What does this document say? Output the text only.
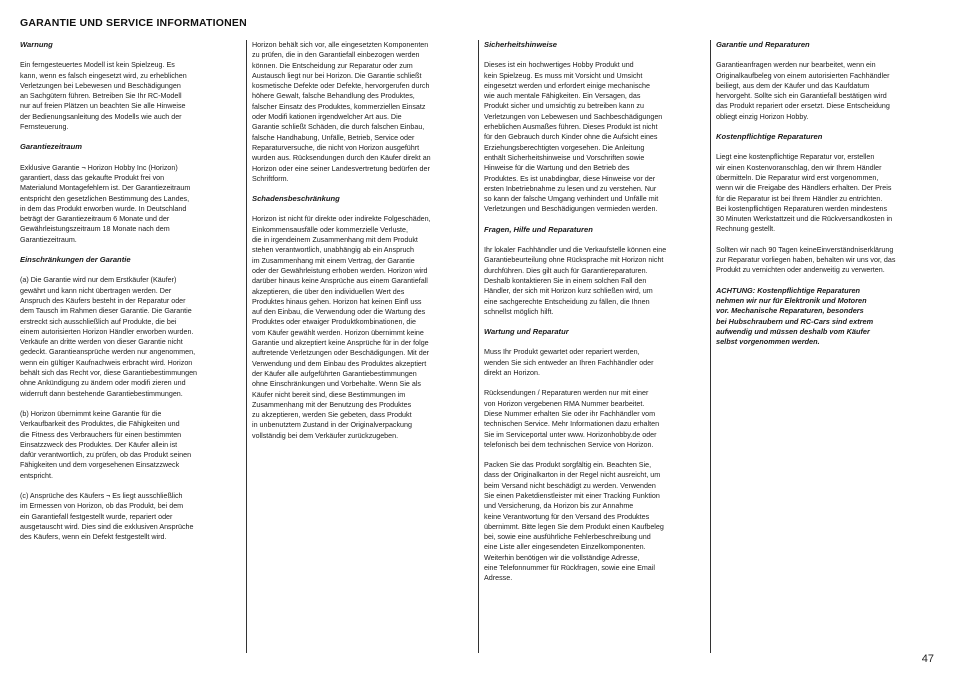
GARANTIE UND SERVICE INFORMATIONEN
Warnung
Ein ferngesteuertes Modell ist kein Spielzeug. Es
kann, wenn es falsch eingesetzt wird, zu erheblichen
Verletzungen bei Lebewesen und Beschädigungen
an Sachgütern führen. Betreiben Sie Ihr RC-Modell
nur auf freien Plätzen un beachten Sie alle Hinweise
der Bedienungsanleitung des Modells wie auch der
Fernsteuerung.
Garantiezeitraum
Exklusive Garantie ¬ Horizon Hobby Inc (Horizon)
garantiert, dass das gekaufte Produkt frei von
Materialund Montagefehlern ist. Der Garantiezeitraum
entspricht den gesetzlichen Bestimmung des Landes,
in dem das Produkt erworben wurde. In Deutschland
beträgt der Garantiezeitraum 6 Monate und der
Gewährleistungszeitraum 18 Monate nach dem
Garantiezeitraum.
Einschränkungen der Garantie
(a) Die Garantie wird nur dem Erstkäufer (Käufer)
gewährt und kann nicht übertragen werden. Der
Anspruch des Käufers besteht in der Reparatur oder
dem Tausch im Rahmen dieser Garantie. Die Garantie
erstreckt sich ausschließlich auf Produkte, die bei
einem autorisierten Horizon Händler erworben wurden.
Verkäufe an dritte werden von dieser Garantie nicht
gedeckt. Garantieansprüche werden nur angenommen,
wenn ein gültiger Kaufnachweis erbracht wird. Horizon
behält sich das Recht vor, diese Garantiebestimmungen
ohne Ankündigung zu ändern oder modifi zieren und
widerruft dann bestehende Garantiebestimmungen.
(b) Horizon übernimmt keine Garantie für die
Verkaufbarkeit des Produktes, die Fähigkeiten und
die Fitness des Verbrauchers für einen bestimmten
Einsatzzweck des Produktes. Der Käufer allein ist
dafür verantwortlich, zu prüfen, ob das Produkt seinen
Fähigkeiten und dem vorgesehenen Einsatzzweck
entspricht.
(c) Ansprüche des Käufers ¬ Es liegt ausschließlich
im Ermessen von Horizon, ob das Produkt, bei dem
ein Garantiefall festgestellt wurde, repariert oder
ausgetauscht wird. Dies sind die exklusiven Ansprüche
des Käufers, wenn ein Defekt festgestellt wird.
Horizon behält sich vor, alle eingesetzten Komponenten
zu prüfen, die in den Garantiefall einbezogen werden
können. Die Entscheidung zur Reparatur oder zum
Austausch liegt nur bei Horizon. Die Garantie schließt
kosmetische Defekte oder Defekte, hervorgerufen durch
höhere Gewalt, falsche Behandlung des Produktes,
falscher Einsatz des Produktes, kommerziellen Einsatz
oder Modifi kationen irgendwelcher Art aus. Die
Garantie schließt Schäden, die durch falschen Einbau,
falsche Handhabung, Unfälle, Betrieb, Service oder
Reparaturversuche, die nicht von Horizon ausgeführt
wurden aus. Rücksendungen durch den Käufer direkt an
Horizon oder eine seiner Landesvertretung bedürfen der
Schriftform.
Schadensbeschränkung
Horizon ist nicht für direkte oder indirekte Folgeschäden,
Einkommensausfälle oder kommerzielle Verluste,
die in irgendeinem Zusammenhang mit dem Produkt
stehen verantwortlich, unabhängig ab ein Anspruch
im Zusammenhang mit einem Vertrag, der Garantie
oder der Gewährleistung erhoben werden. Horizon wird
darüber hinaus keine Ansprüche aus einem Garantiefall
akzeptieren, die über den individuellen Wert des
Produktes hinaus gehen. Horizon hat keinen Einfl uss
auf den Einbau, die Verwendung oder die Wartung des
Produktes oder etwaiger Produktkombinationen, die
vom Käufer gewählt werden. Horizon übernimmt keine
Garantie und akzeptiert keine Ansprüche für in der folge
auftretende Verletzungen oder Beschädigungen. Mit der
Verwendung und dem Einbau des Produktes akzeptiert
der Käufer alle aufgeführten Garantiebestimmungen
ohne Einschränkungen und Vorbehalte. Wenn Sie als
Käufer nicht bereit sind, diese Bestimmungen im
Zusammenhang mit der Benutzung des Produktes
zu akzeptieren, werden Sie gebeten, dass Produkt
in unbenutztem Zustand in der Originalverpackung
vollständig bei dem Verkäufer zurückzugeben.
Sicherheitshinweise
Dieses ist ein hochwertiges Hobby Produkt und
kein Spielzeug. Es muss mit Vorsicht und Umsicht
eingesetzt werden und erfordert einige mechanische
wie auch mentale Fähigkeiten. Ein Versagen, das
Produkt sicher und umsichtig zu betreiben kann zu
Verletzungen von Lebewesen und Sachbeschädigungen
erheblichen Ausmaßes führen. Dieses Produkt ist nicht
für den Gebrauch durch Kinder ohne die Aufsicht eines
Erziehungsberechtigten vorgesehen. Die Anleitung
enthält Sicherheitshinweise und Vorschriften sowie
Hinweise für die Wartung und den Betrieb des
Produktes. Es ist unabdingbar, diese Hinweise vor der
ersten Inbetriebnahme zu lesen und zu verstehen. Nur
so kann der falsche Umgang verhindert und Unfälle mit
Verletzungen und Beschädigungen vermieden werden.
Fragen, Hilfe und Reparaturen
Ihr lokaler Fachhändler und die Verkaufstelle können eine
Garantiebeurteilung ohne Rücksprache mit Horizon nicht
durchführen. Dies gilt auch für Garantiereparaturen.
Deshalb kontaktieren Sie in einem solchen Fall den
Händler, der sich mit Horizon kurz schließen wird, um
eine sachgerechte Entscheidung zu fällen, die Ihnen
schnellst möglich hilft.
Wartung und Reparatur
Muss Ihr Produkt gewartet oder repariert werden,
wenden Sie sich entweder an Ihren Fachhändler oder
direkt an Horizon.
Rücksendungen / Reparaturen werden nur mit einer
von Horizon vergebenen RMA Nummer bearbeitet.
Diese Nummer erhalten Sie oder ihr Fachhändler vom
technischen Service. Mehr Informationen dazu erhalten
Sie im Serviceportal unter www. Horizonhobby.de oder
telefonisch bei dem technischen Service von Horizon.
Packen Sie das Produkt sorgfältig ein. Beachten Sie,
dass der Originalkarton in der Regel nicht ausreicht, um
beim Versand nicht beschädigt zu werden. Verwenden
Sie einen Paketdienstleister mit einer Tracking Funktion
und Versicherung, da Horizon bis zur Annahme
keine Verantwortung für den Versand des Produktes
übernimmt. Bitte legen Sie dem Produkt einen Kaufbeleg
bei, sowie eine ausführliche Fehlerbeschreibung und
eine Liste aller eingesendeten Einzelkomponenten.
Weiterhin benötigen wir die vollständige Adresse,
eine Telefonnummer für Rückfragen, sowie eine Email
Adresse.
Garantie und Reparaturen
Garantieanfragen werden nur bearbeitet, wenn ein
Originalkaufbeleg von einem autorisierten Fachhändler
beiliegt, aus dem der Käufer und das Kaufdatum
hervorgeht. Sollte sich ein Garantiefall bestätigen wird
das Produkt repariert oder ersetzt. Diese Entscheidung
obliegt einzig Horizon Hobby.
Kostenpflichtige Reparaturen
Liegt eine kostenpflichtige Reparatur vor, erstellen
wir einen Kostenvoranschlag, den wir Ihrem Händler
übermitteln. Die Reparatur wird erst vorgenommen,
wenn wir die Freigabe des Händlers erhalten. Der Preis
für die Reparatur ist bei Ihrem Händler zu entrichten.
Bei kostenpflichtigen Reparaturen werden mindestens
30 Minuten Werkstattzeit und die Rückversandkosten in
Rechnung gestellt.
Sollten wir nach 90 Tagen keineEinverständniserklärung
zur Reparatur vorliegen haben, behalten wir uns vor, das
Produkt zu vernichten oder anderweitig zu verwerten.
ACHTUNG: Kostenpflichtige Reparaturen
nehmen wir nur für Elektronik und Motoren
vor. Mechanische Reparaturen, besonders
bei Hubschraubern und RC-Cars sind extrem
aufwendig und müssen deshalb vom Käufer
selbst vorgenommen werden.
47
